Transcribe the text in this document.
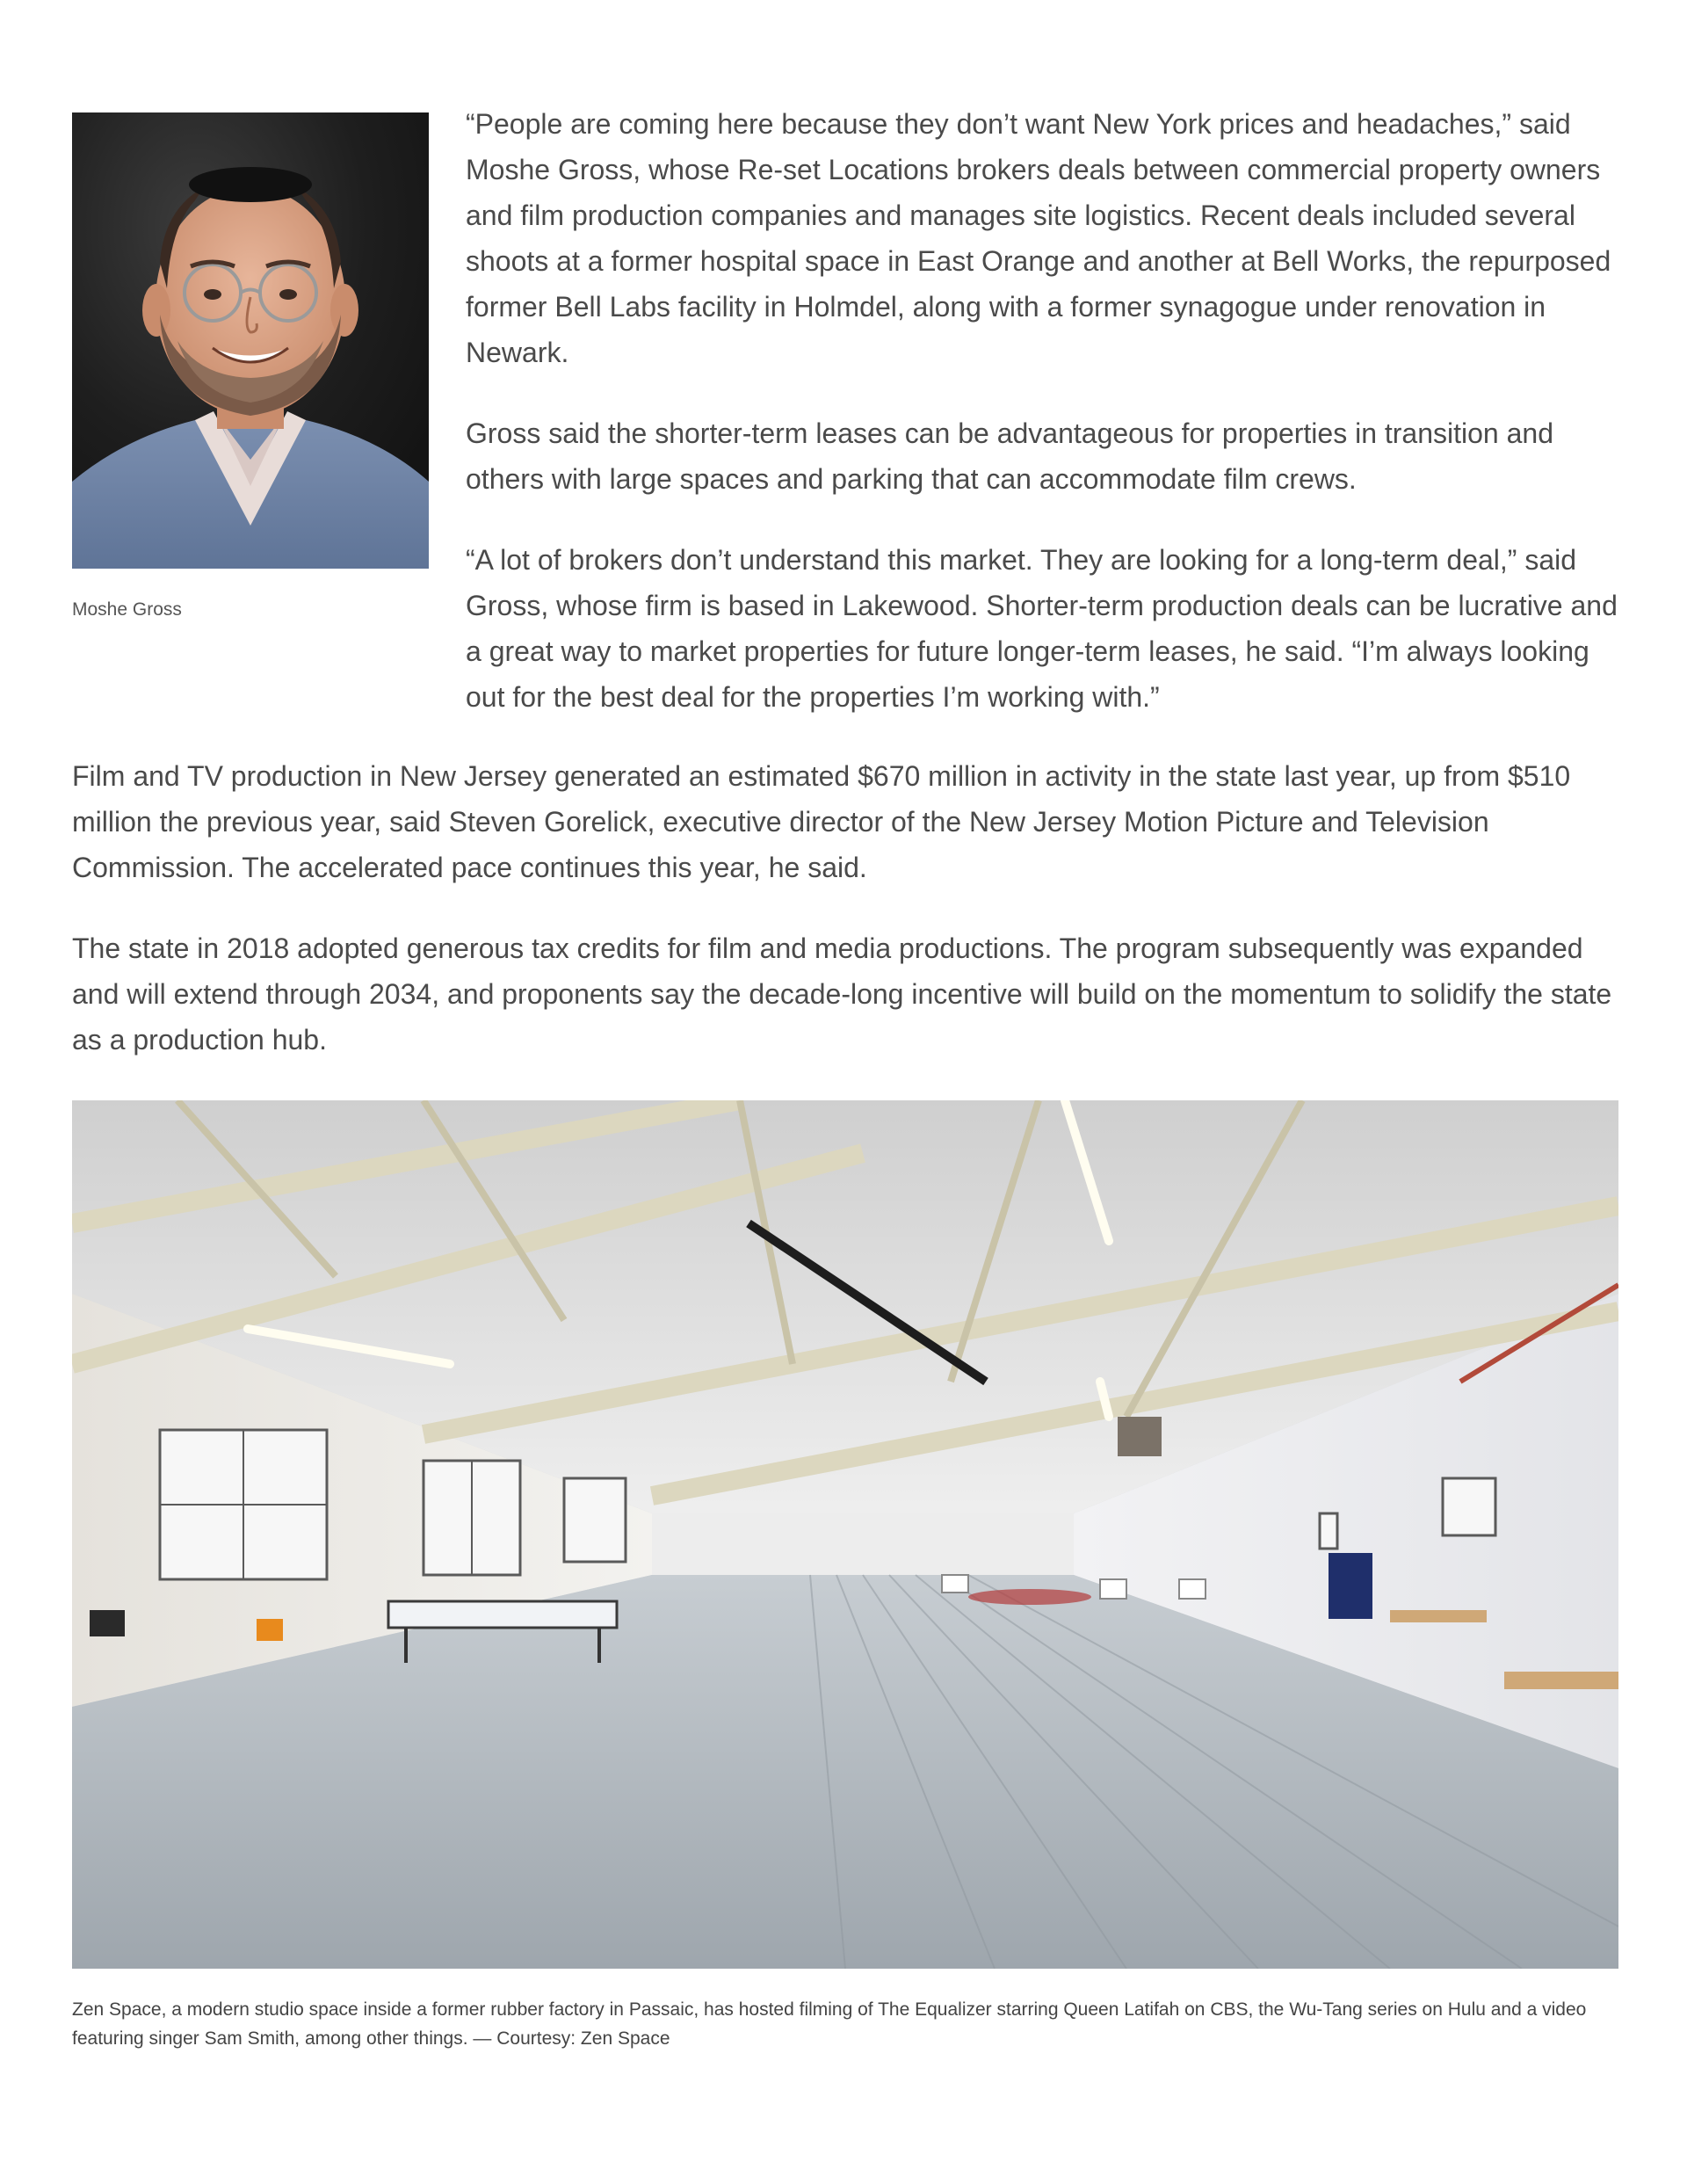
Moshe Gross

“People are coming here because they don’t want New York prices and headaches,” said Moshe Gross, whose Re-set Locations brokers deals between commercial property owners and film production companies and manages site logistics. Recent deals included several shoots at a former hospital space in East Orange and another at Bell Works, the repurposed former Bell Labs facility in Holmdel, along with a former synagogue under renovation in Newark.

Gross said the shorter-term leases can be advantageous for properties in transition and others with large spaces and parking that can accommodate film crews.

“A lot of brokers don’t understand this market. They are looking for a long-term deal,” said Gross, whose firm is based in Lakewood. Shorter-term production deals can be lucrative and a great way to market properties for future longer-term leases, he said. “I’m always looking out for the best deal for the properties I’m working with.”

Film and TV production in New Jersey generated an estimated $670 million in activity in the state last year, up from $510 million the previous year, said Steven Gorelick, executive director of the New Jersey Motion Picture and Television Commission. The accelerated pace continues this year, he said.

The state in 2018 adopted generous tax credits for film and media productions. The program subsequently was expanded and will extend through 2034, and proponents say the decade-long incentive will build on the momentum to solidify the state as a production hub.

Zen Space, a modern studio space inside a former rubber factory in Passaic, has hosted filming of The Equalizer starring Queen Latifah on CBS, the Wu-Tang series on Hulu and a video featuring singer Sam Smith, among other things. — Courtesy: Zen Space
